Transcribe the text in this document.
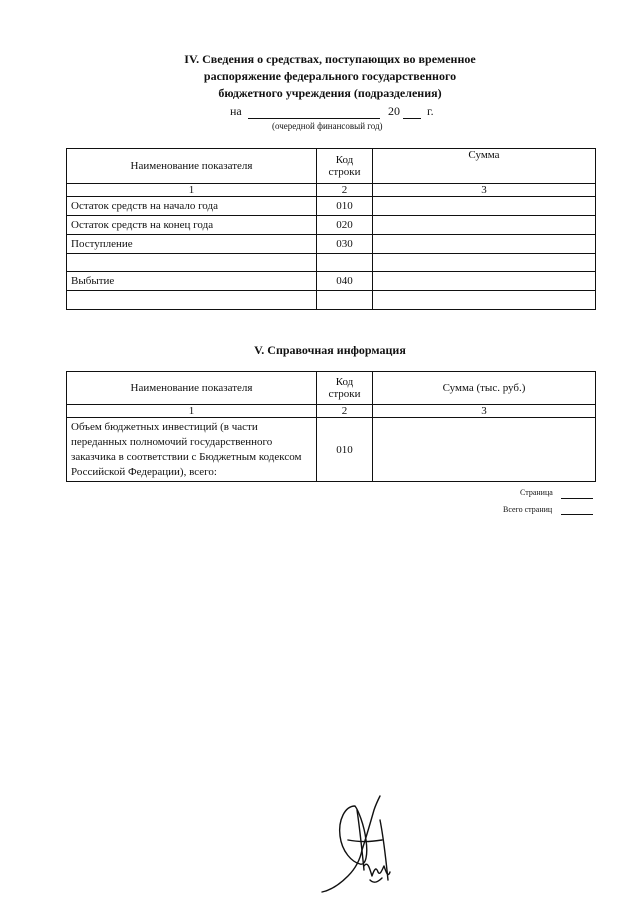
IV. Сведения о средствах, поступающих во временное
распоряжение федерального государственного
бюджетного учреждения (подразделения)
на	20 г.
(очередной финансовый год)
Наименование показателя	Код строки	Сумма
1	2	3
Остаток средств на начало года	010	
Остаток средств на конец года	020	
Поступление	030	

Выбытие	040	

V. Справочная информация
Наименование показателя	Код строки	Сумма (тыс. руб.)
1	2	3
Объем бюджетных инвестиций (в части переданных полномочий государственного заказчика в соответствии с Бюджетным кодексом Российской Федерации), всего:	010	
Страница
Всего страниц
